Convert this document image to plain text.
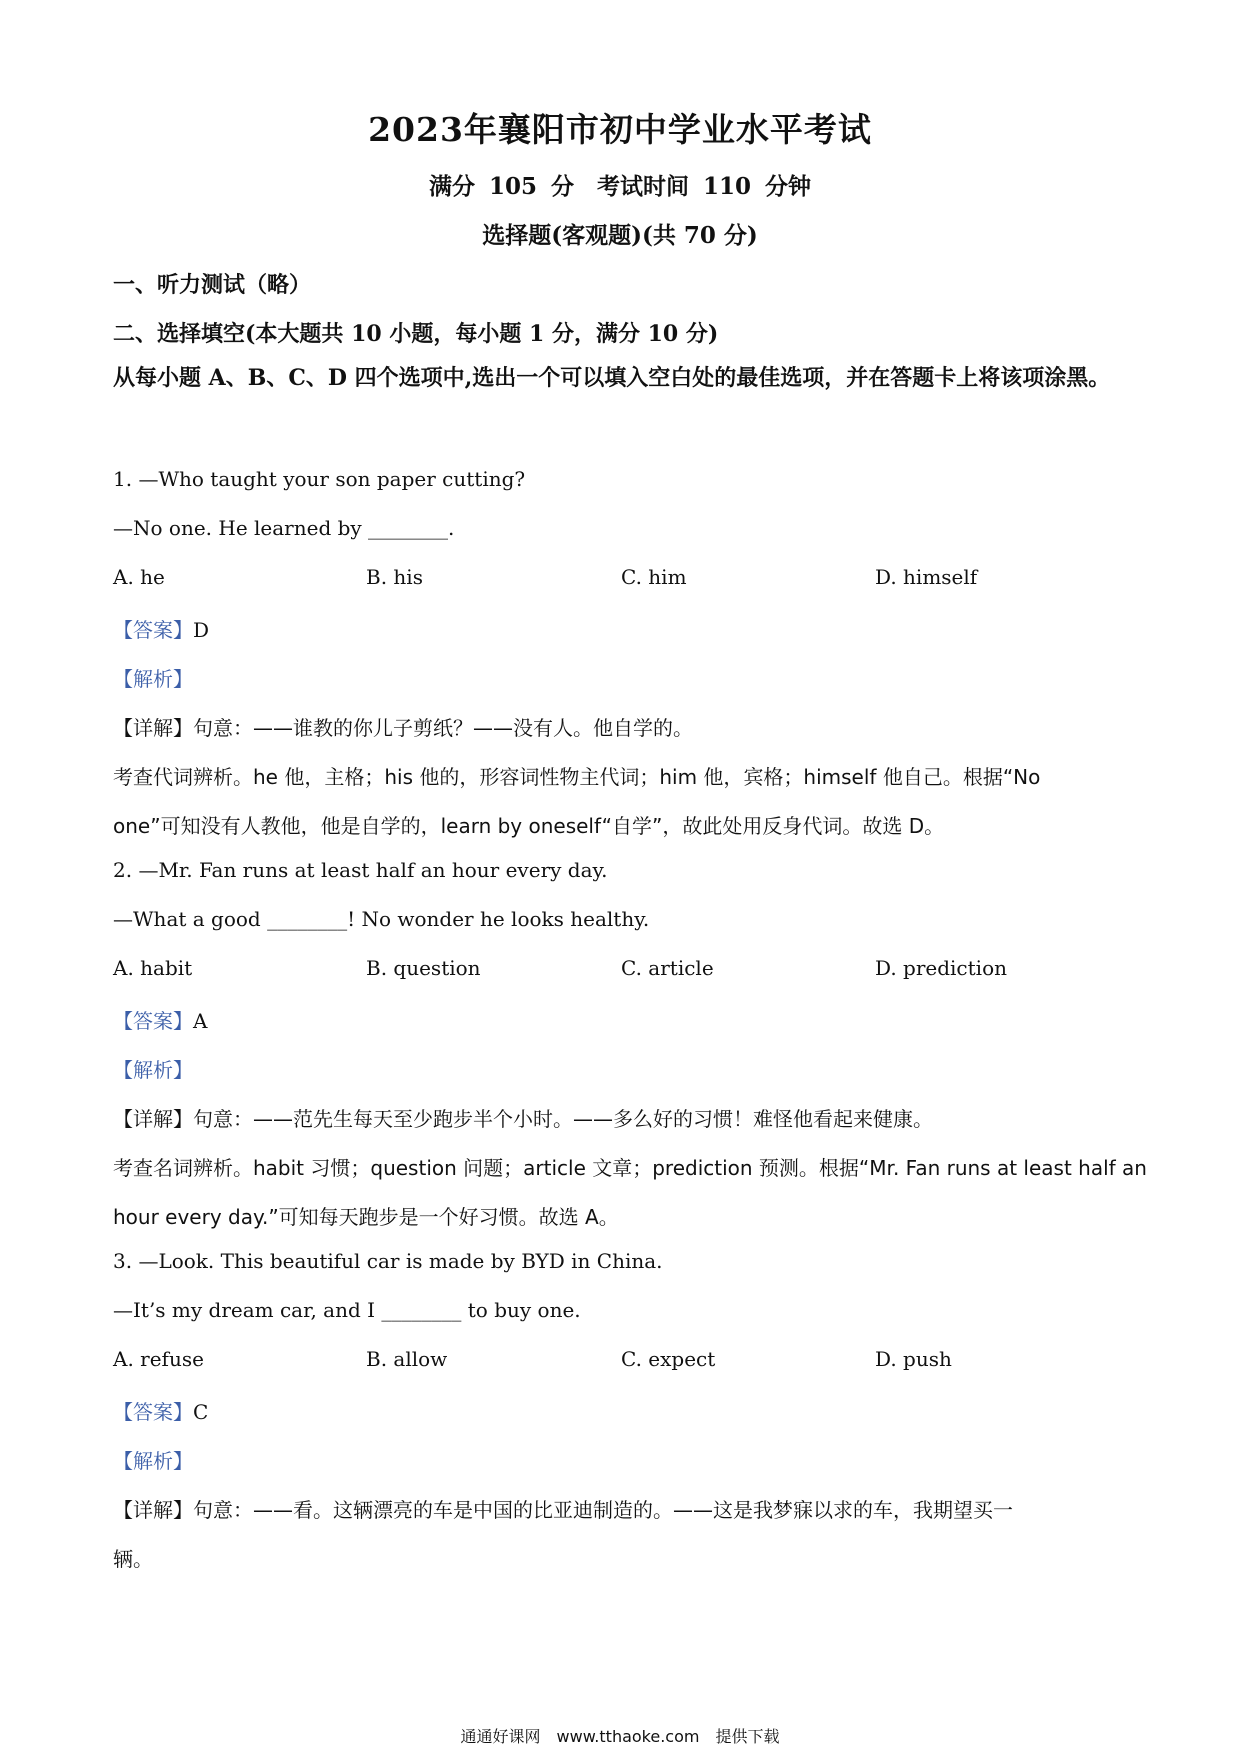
2023年襄阳市初中学业水平考试
满分 105 分　考试时间 110 分钟
选择题(客观题)(共 70 分)
一、听力测试（略）
二、选择填空(本大题共 10 小题，每小题 1 分，满分 10 分)
从每小题 A、B、C、D 四个选项中,选出一个可以填入空白处的最佳选项，并在答题卡上将该项涂黑。
1. —Who taught your son paper cutting?
—No one. He learned by ________.
A. he	B. his	C. him	D. himself
【答案】D
【解析】
【详解】句意：——谁教的你儿子剪纸？——没有人。他自学的。
考查代词辨析。he 他，主格；his 他的，形容词性物主代词；him 他，宾格；himself 他自己。根据“No
one”可知没有人教他，他是自学的，learn by oneself“自学”，故此处用反身代词。故选 D。
2. —Mr. Fan runs at least half an hour every day.
—What a good ________! No wonder he looks healthy.
A. habit	B. question	C. article	D. prediction
【答案】A
【解析】
【详解】句意：——范先生每天至少跑步半个小时。——多么好的习惯！难怪他看起来健康。
考查名词辨析。habit 习惯；question 问题；article 文章；prediction 预测。根据“Mr. Fan runs at least half an
hour every day.”可知每天跑步是一个好习惯。故选 A。
3. —Look. This beautiful car is made by BYD in China.
—It’s my dream car, and I ________ to buy one.
A. refuse	B. allow	C. expect	D. push
【答案】C
【解析】
【详解】句意：——看。这辆漂亮的车是中国的比亚迪制造的。——这是我梦寐以求的车，我期望买一
辆。
通通好课网　www.tthaoke.com　提供下载
